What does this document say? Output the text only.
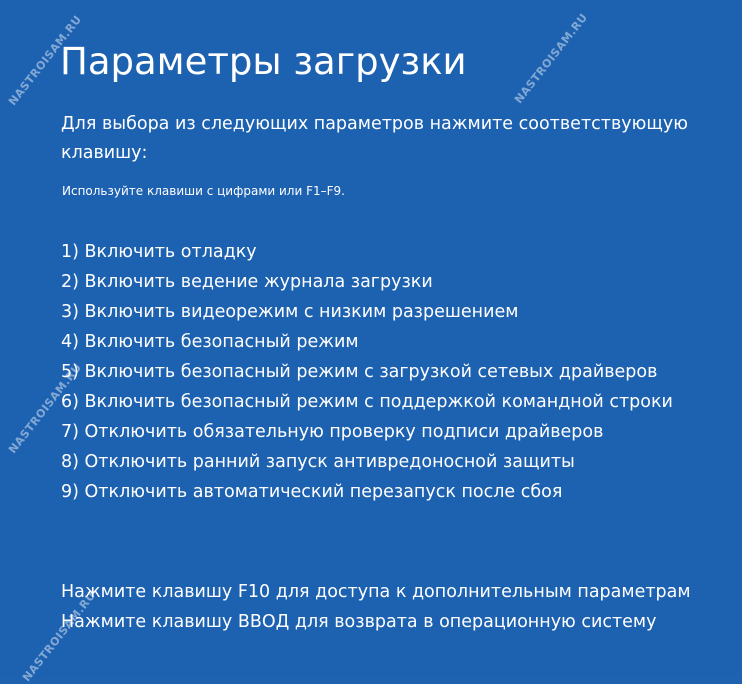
Параметры загрузки

Для выбора из следующих параметров нажмите соответствующую клавишу:

Используйте клавиши с цифрами или F1–F9.

1) Включить отладку
2) Включить ведение журнала загрузки
3) Включить видеорежим с низким разрешением
4) Включить безопасный режим
5) Включить безопасный режим с загрузкой сетевых драйверов
6) Включить безопасный режим с поддержкой командной строки
7) Отключить обязательную проверку подписи драйверов
8) Отключить ранний запуск антивредоносной защиты
9) Отключить автоматический перезапуск после сбоя
Нажмите клавишу F10 для доступа к дополнительным параметрам
Нажмите клавишу ВВОД для возврата в операционную систему
NASTROISAM.RU	NASTROISAM.RU
NASTROISAM.RU
NASTROISAM.RU
